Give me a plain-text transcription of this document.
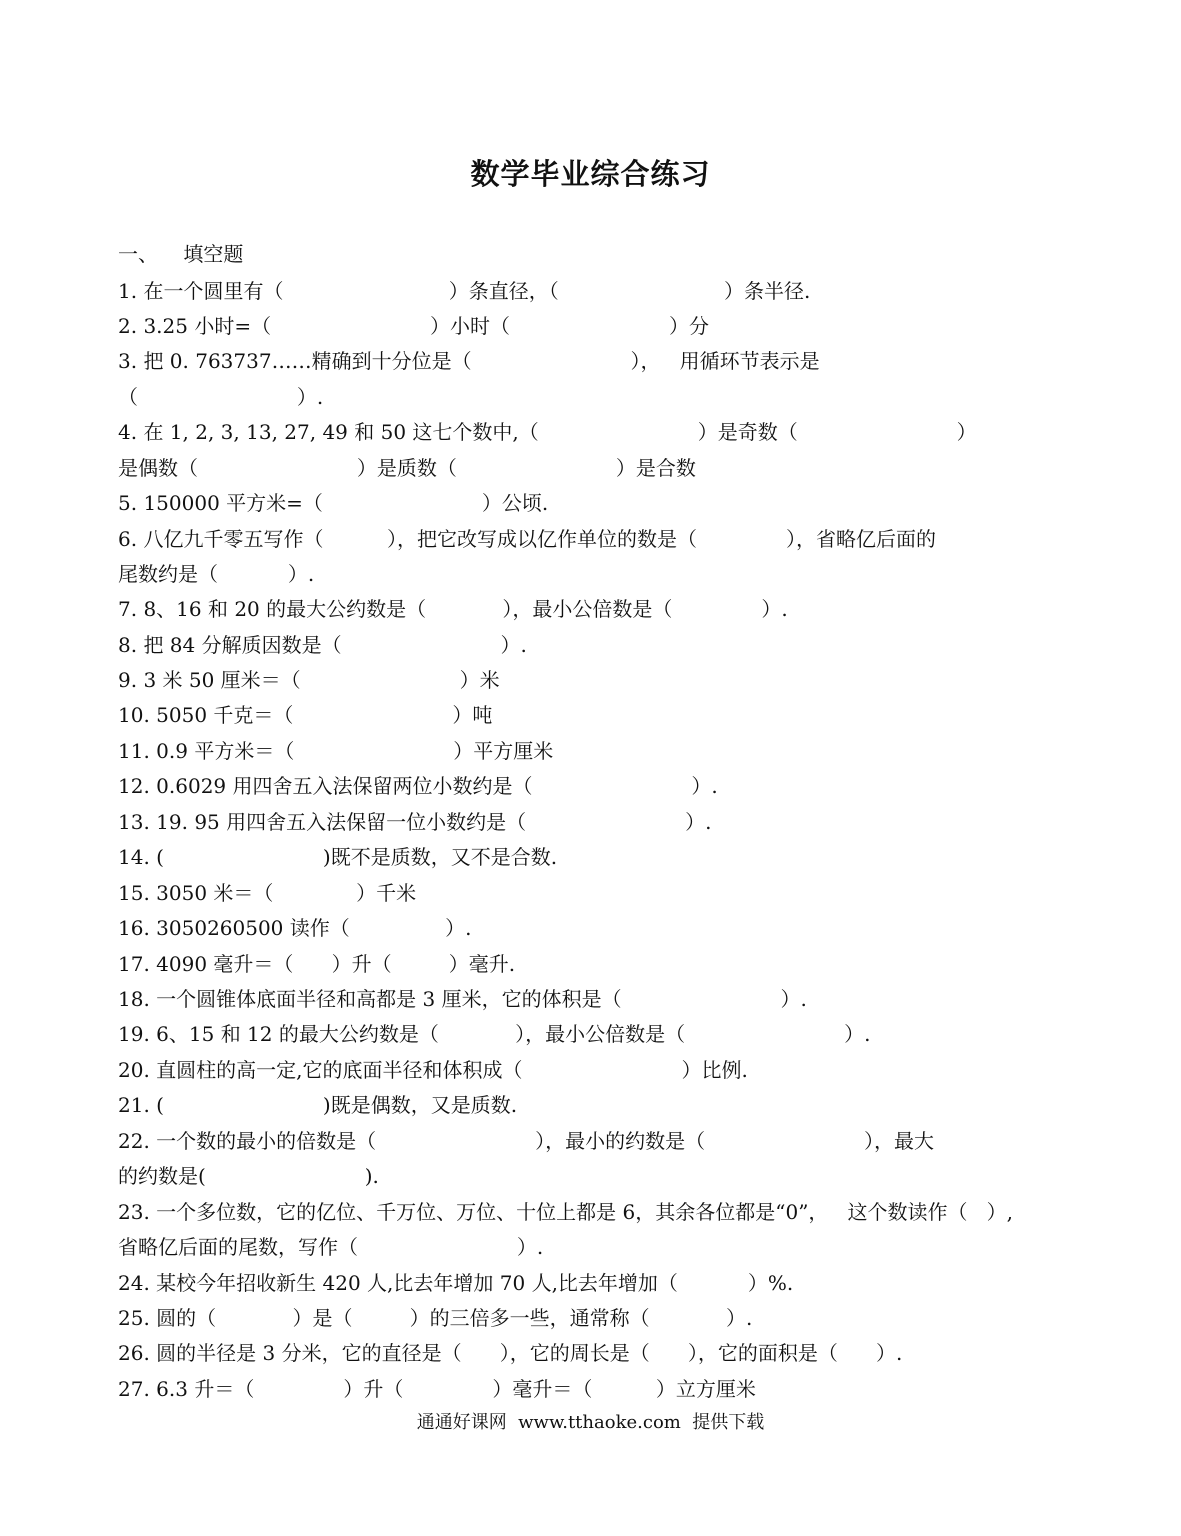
数学毕业综合练习
一、    填空题
1. 在一个圆里有（                          ）条直径，（                          ）条半径.
2. 3.25 小时=（                         ）小时（                         ）分
3. 把 0. 763737……精确到十分位是（                         ），   用循环节表示是
（                         ）.
4. 在 1, 2, 3, 13, 27, 49 和 50 这七个数中,（                         ）是奇数（                         ）
是偶数（                         ）是质数（                         ）是合数
5. 150000 平方米=（                         ）公顷.
6. 八亿九千零五写作（          ），把它改写成以亿作单位的数是（              ），省略亿后面的
尾数约是（           ）.
7. 8、16 和 20 的最大公约数是（            ），最小公倍数是（              ）.
8. 把 84 分解质因数是（                         ）.
9. 3 米 50 厘米＝（                         ）米
10. 5050 千克＝（                         ）吨
11. 0.9 平方米＝（                         ）平方厘米
12. 0.6029 用四舍五入法保留两位小数约是（                         ）.
13. 19. 95 用四舍五入法保留一位小数约是（                         ）.
14. (                         )既不是质数，又不是合数.
15. 3050 米＝（             ）千米
16. 3050260500 读作（               ）.
17. 4090 毫升＝（      ）升（         ）毫升.
18. 一个圆锥体底面半径和高都是 3 厘米，它的体积是（                         ）.
19. 6、15 和 12 的最大公约数是（            ），最小公倍数是（                         ）.
20. 直圆柱的高一定,它的底面半径和体积成（                         ）比例.
21. (                         )既是偶数，又是质数.
22. 一个数的最小的倍数是（                         ），最小的约数是（                         ），最大
的约数是(                         ).
23. 一个多位数，它的亿位、千万位、万位、十位上都是 6，其余各位都是“0”，   这个数读作（   ）,
省略亿后面的尾数，写作（                         ）.
24. 某校今年招收新生 420 人,比去年增加 70 人,比去年增加（           ）%.
25. 圆的（            ）是（         ）的三倍多一些，通常称（            ）.
26. 圆的半径是 3 分米，它的直径是（      ），它的周长是（      ），它的面积是（      ）.
27. 6.3 升＝（              ）升（              ）毫升＝（          ）立方厘米
通通好课网  www.tthaoke.com  提供下载
